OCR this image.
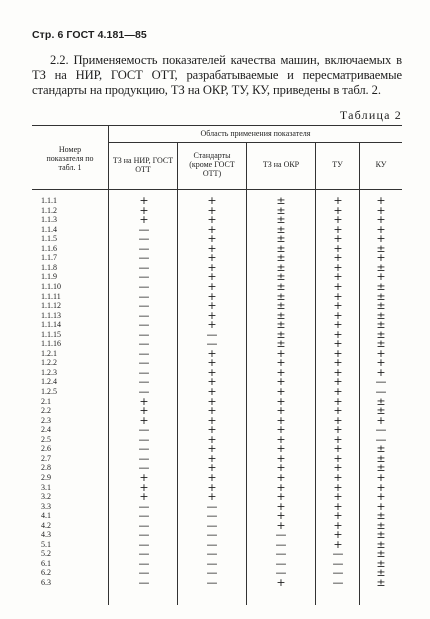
Стр. 6 ГОСТ 4.181—85
2.2. Применяемость показателей качества машин, включаемых в ТЗ на НИР, ГОСТ ОТТ, разрабатываемые и пересматриваемые стандарты на продукцию, ТЗ на ОКР, ТУ, КУ, приведены в табл. 2.
Таблица 2
Номер показателя по табл. 1
Область применения показателя
ТЗ на НИР, ГОСТ ОТТ
Стандарты (кроме ГОСТ ОТТ)
ТЗ на ОКР	ТУ	КУ
1.1.1	+	+	±	+	+
1.1.2	+	+	±	+	+
1.1.3	+	+	±	+	+
1.1.4	—	+	±	+	+
1.1.5	—	+	±	+	+
1.1.6	—	+	±	+	±
1.1.7	—	+	±	+	+
1.1.8	—	+	±	+	±
1.1.9	—	+	±	+	+
1.1.10	—	+	±	+	±
1.1.11	—	+	±	+	±
1.1.12	—	+	±	+	±
1.1.13	—	+	±	+	±
1.1.14	—	+	±	+	±
1.1.15	—	—	±	+	±
1.1.16	—	—	±	+	±
1.2.1	—	+	+	+	+
1.2.2	—	+	+	+	+
1.2.3	—	+	+	+	+
1.2.4	—	+	+	+	—
1.2.5	—	+	+	+	—
2.1	+	+	+	+	±
2.2	+	+	+	+	±
2.3	+	+	+	+	+
2.4	—	+	+	+	—
2.5	—	+	+	+	—
2.6	—	+	+	+	±
2.7	—	+	+	+	±
2.8	—	+	+	+	±
2.9	+	+	+	+	+
3.1	+	+	+	+	+
3.2	+	+	+	+	+
3.3	—	—	+	+	+
4.1	—	—	+	+	±
4.2	—	—	+	+	±
4.3	—	—	—	+	±
5.1	—	—	—	+	±
5.2	—	—	—	—	±
6.1	—	—	—	—	±
6.2	—	—	—	—	±
6.3	—	—	+	—	±
